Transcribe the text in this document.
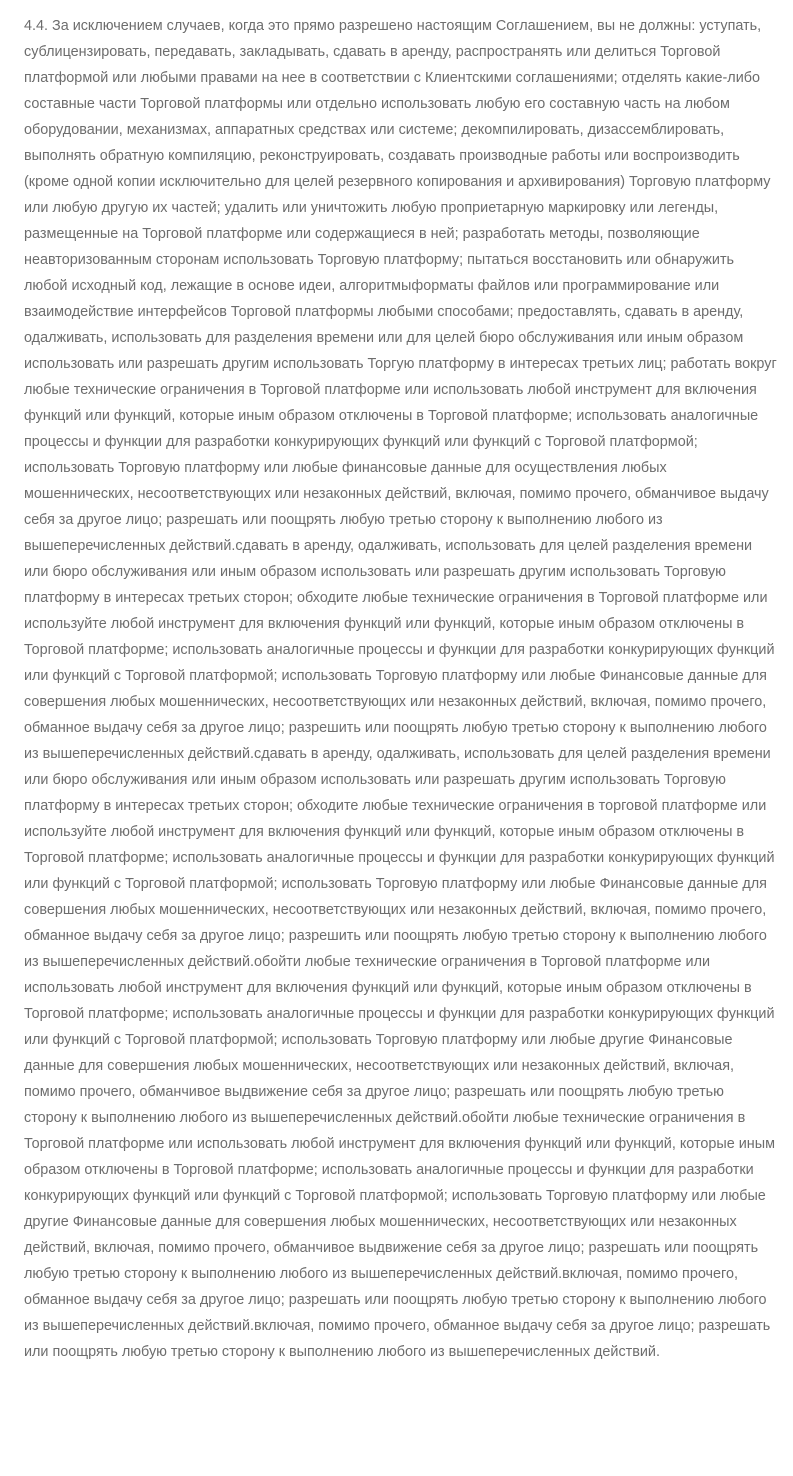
4.4. За исключением случаев, когда это прямо разрешено настоящим Соглашением, вы не должны: уступать, сублицензировать, передавать, закладывать, сдавать в аренду, распространять или делиться Торговой платформой или любыми правами на нее в соответствии с Клиентскими соглашениями; отделять какие-либо составные части Торговой платформы или отдельно использовать любую его составную часть на любом оборудовании, механизмах, аппаратных средствах или системе; декомпилировать, дизассемблировать, выполнять обратную компиляцию, реконструировать, создавать производные работы или воспроизводить (кроме одной копии исключительно для целей резервного копирования и архивирования) Торговую платформу или любую другую их частей; удалить или уничтожить любую проприетарную маркировку или легенды, размещенные на Торговой платформе или содержащиеся в ней; разработать методы, позволяющие неавторизованным сторонам использовать Торговую платформу; пытаться восстановить или обнаружить любой исходный код, лежащие в основе идеи, алгоритмыформаты файлов или программирование или взаимодействие интерфейсов Торговой платформы любыми способами; предоставлять, сдавать в аренду, одалживать, использовать для разделения времени или для целей бюро обслуживания или иным образом использовать или разрешать другим использовать Торгую платформу в интересах третьих лиц; работать вокруг любые технические ограничения в Торговой платформе или использовать любой инструмент для включения функций или функций, которые иным образом отключены в Торговой платформе; использовать аналогичные процессы и функции для разработки конкурирующих функций или функций с Торговой платформой; использовать Торговую платформу или любые финансовые данные для осуществления любых мошеннических, несоответствующих или незаконных действий, включая, помимо прочего, обманчивое выдачу себя за другое лицо; разрешать или поощрять любую третью сторону к выполнению любого из вышеперечисленных действий.сдавать в аренду, одалживать, использовать для целей разделения времени или бюро обслуживания или иным образом использовать или разрешать другим использовать Торговую платформу в интересах третьих сторон; обходите любые технические ограничения в Торговой платформе или используйте любой инструмент для включения функций или функций, которые иным образом отключены в Торговой платформе; использовать аналогичные процессы и функции для разработки конкурирующих функций или функций с Торговой платформой; использовать Торговую платформу или любые Финансовые данные для совершения любых мошеннических, несоответствующих или незаконных действий, включая, помимо прочего, обманное выдачу себя за другое лицо; разрешить или поощрять любую третью сторону к выполнению любого из вышеперечисленных действий.сдавать в аренду, одалживать, использовать для целей разделения времени или бюро обслуживания или иным образом использовать или разрешать другим использовать Торговую платформу в интересах третьих сторон; обходите любые технические ограничения в торговой платформе или используйте любой инструмент для включения функций или функций, которые иным образом отключены в Торговой платформе; использовать аналогичные процессы и функции для разработки конкурирующих функций или функций с Торговой платформой; использовать Торговую платформу или любые Финансовые данные для совершения любых мошеннических, несоответствующих или незаконных действий, включая, помимо прочего, обманное выдачу себя за другое лицо; разрешить или поощрять любую третью сторону к выполнению любого из вышеперечисленных действий.обойти любые технические ограничения в Торговой платформе или использовать любой инструмент для включения функций или функций, которые иным образом отключены в Торговой платформе; использовать аналогичные процессы и функции для разработки конкурирующих функций или функций с Торговой платформой; использовать Торговую платформу или любые другие Финансовые данные для совершения любых мошеннических, несоответствующих или незаконных действий, включая, помимо прочего, обманчивое выдвижение себя за другое лицо; разрешать или поощрять любую третью сторону к выполнению любого из вышеперечисленных действий.обойти любые технические ограничения в Торговой платформе или использовать любой инструмент для включения функций или функций, которые иным образом отключены в Торговой платформе; использовать аналогичные процессы и функции для разработки конкурирующих функций или функций с Торговой платформой; использовать Торговую платформу или любые другие Финансовые данные для совершения любых мошеннических, несоответствующих или незаконных действий, включая, помимо прочего, обманчивое выдвижение себя за другое лицо; разрешать или поощрять любую третью сторону к выполнению любого из вышеперечисленных действий.включая, помимо прочего, обманное выдачу себя за другое лицо; разрешать или поощрять любую третью сторону к выполнению любого из вышеперечисленных действий.включая, помимо прочего, обманное выдачу себя за другое лицо; разрешать или поощрять любую третью сторону к выполнению любого из вышеперечисленных действий.
